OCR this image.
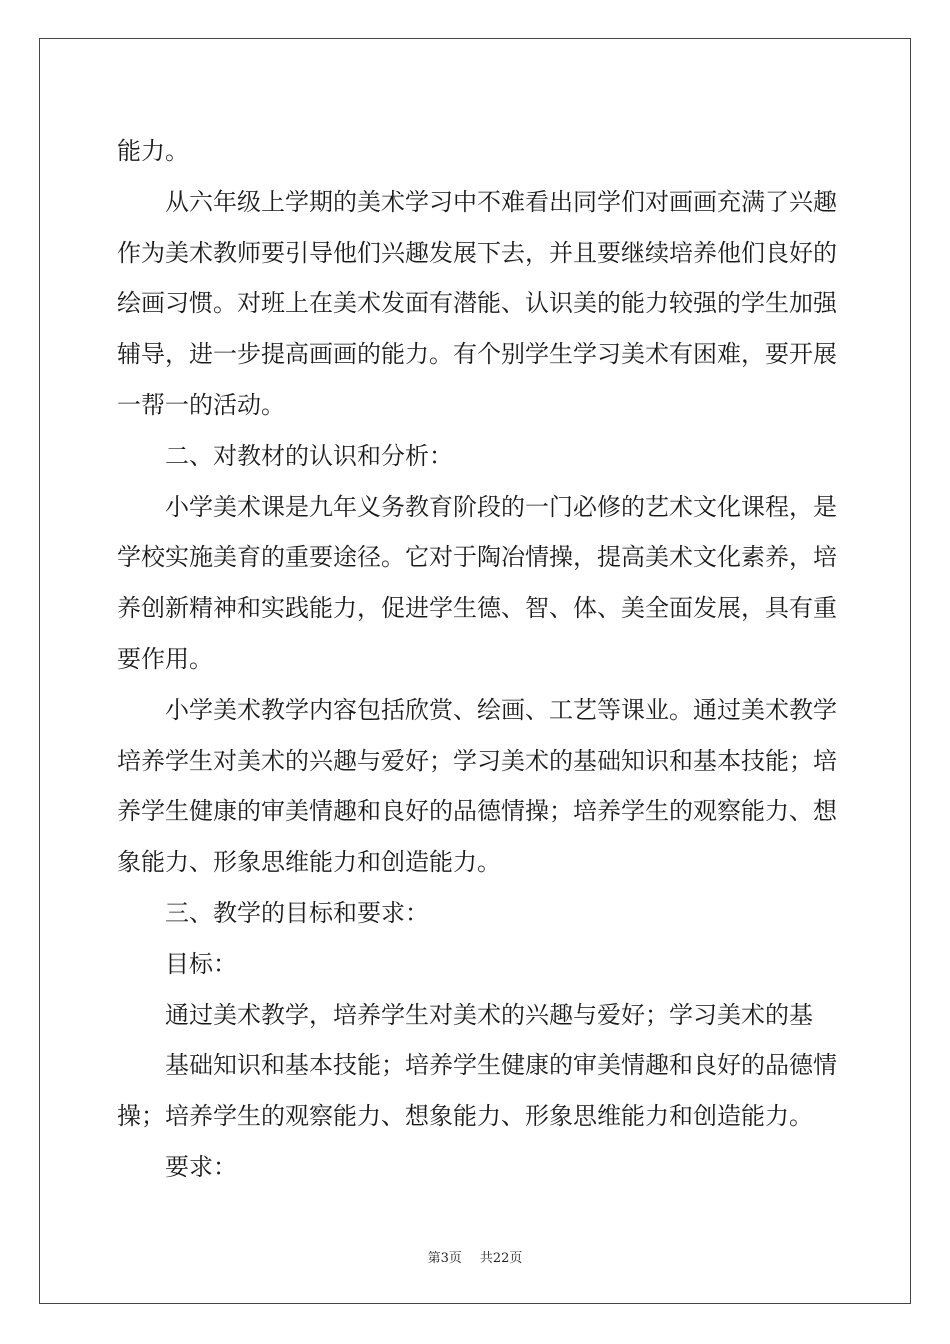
能力。
从六年级上学期的美术学习中不难看出同学们对画画充满了兴趣
作为美术教师要引导他们兴趣发展下去，并且要继续培养他们良好的
绘画习惯。对班上在美术发面有潜能、认识美的能力较强的学生加强
辅导，进一步提高画画的能力。有个别学生学习美术有困难，要开展
一帮一的活动。
二、对教材的认识和分析：
小学美术课是九年义务教育阶段的一门必修的艺术文化课程，是
学校实施美育的重要途径。它对于陶冶情操，提高美术文化素养，培
养创新精神和实践能力，促进学生德、智、体、美全面发展，具有重
要作用。
小学美术教学内容包括欣赏、绘画、工艺等课业。通过美术教学
培养学生对美术的兴趣与爱好；学习美术的基础知识和基本技能；培
养学生健康的审美情趣和良好的品德情操；培养学生的观察能力、想
象能力、形象思维能力和创造能力。
三、教学的目标和要求：
目标：
通过美术教学，培养学生对美术的兴趣与爱好；学习美术的基
基础知识和基本技能；培养学生健康的审美情趣和良好的品德情
操；培养学生的观察能力、想象能力、形象思维能力和创造能力。
要求：
第3页 共22页
